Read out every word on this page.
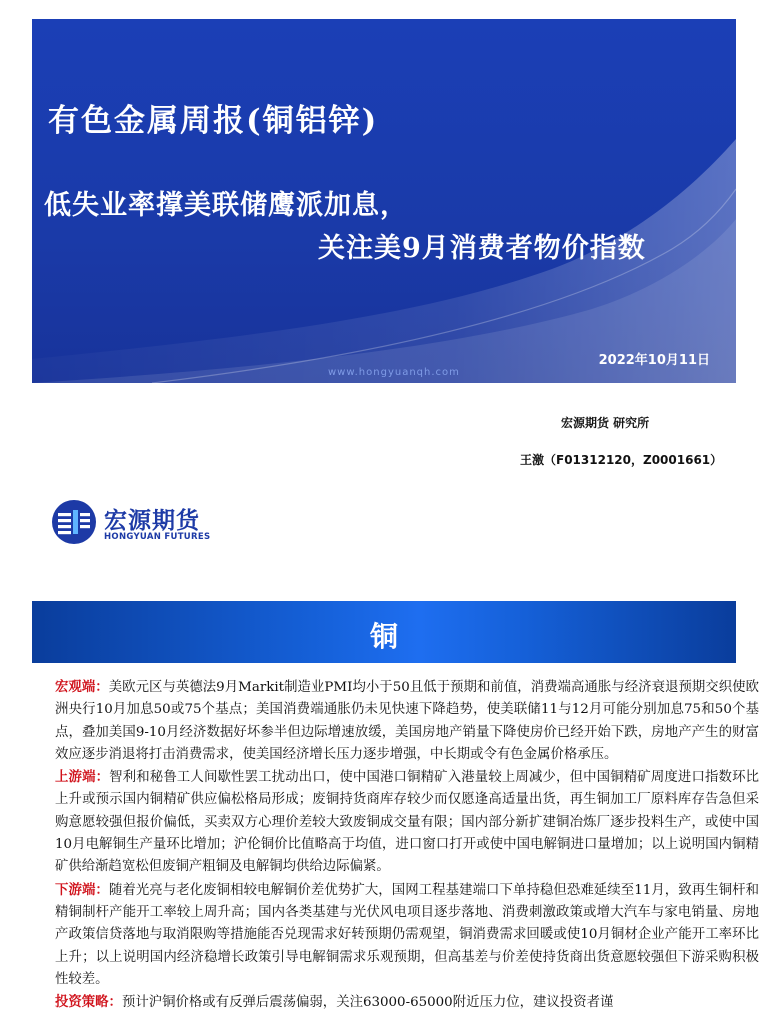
有色金属周报(铜铝锌)
低失业率撑美联储鹰派加息，
关注美9月消费者物价指数
2022年10月11日
www.hongyuanqh.com
宏源期货 研究所
王激（F01312120，Z0001661）
宏源期货
HONGYUAN FUTURES
铜

宏观端：美欧元区与英德法9月Markit制造业PMI均小于50且低于预期和前值，消费端高通胀与经济衰退预期交织使欧洲央行10月加息50或75个基点；美国消费端通胀仍未见快速下降趋势，使美联储11与12月可能分别加息75和50个基点，叠加美国9-10月经济数据好坏参半但边际增速放缓，美国房地产销量下降使房价已经开始下跌，房地产产生的财富效应逐步消退将打击消费需求，使美国经济增长压力逐步增强，中长期或令有色金属价格承压。

上游端：智利和秘鲁工人间歇性罢工扰动出口，使中国港口铜精矿入港量较上周减少，但中国铜精矿周度进口指数环比上升或预示国内铜精矿供应偏松格局形成；废铜持货商库存较少而仅愿逢高适量出货，再生铜加工厂原料库存告急但采购意愿较强但报价偏低，买卖双方心理价差较大致废铜成交量有限；国内部分新扩建铜冶炼厂逐步投料生产，或使中国10月电解铜生产量环比增加；沪伦铜价比值略高于均值，进口窗口打开或使中国电解铜进口量增加；以上说明国内铜精矿供给渐趋宽松但废铜产粗铜及电解铜均供给边际偏紧。

下游端：随着光亮与老化废铜相较电解铜价差优势扩大，国网工程基建端口下单持稳但恐难延续至11月，致再生铜杆和精铜制杆产能开工率较上周升高；国内各类基建与光伏风电项目逐步落地、消费刺激政策或增大汽车与家电销量、房地产政策信贷落地与取消限购等措施能否兑现需求好转预期仍需观望，铜消费需求回暖或使10月铜材企业产能开工率环比上升；以上说明国内经济稳增长政策引导电解铜需求乐观预期，但高基差与价差使持货商出货意愿较强但下游采购积极性较差。

投资策略：预计沪铜价格或有反弹后震荡偏弱，关注63000-65000附近压力位，建议投资者谨
